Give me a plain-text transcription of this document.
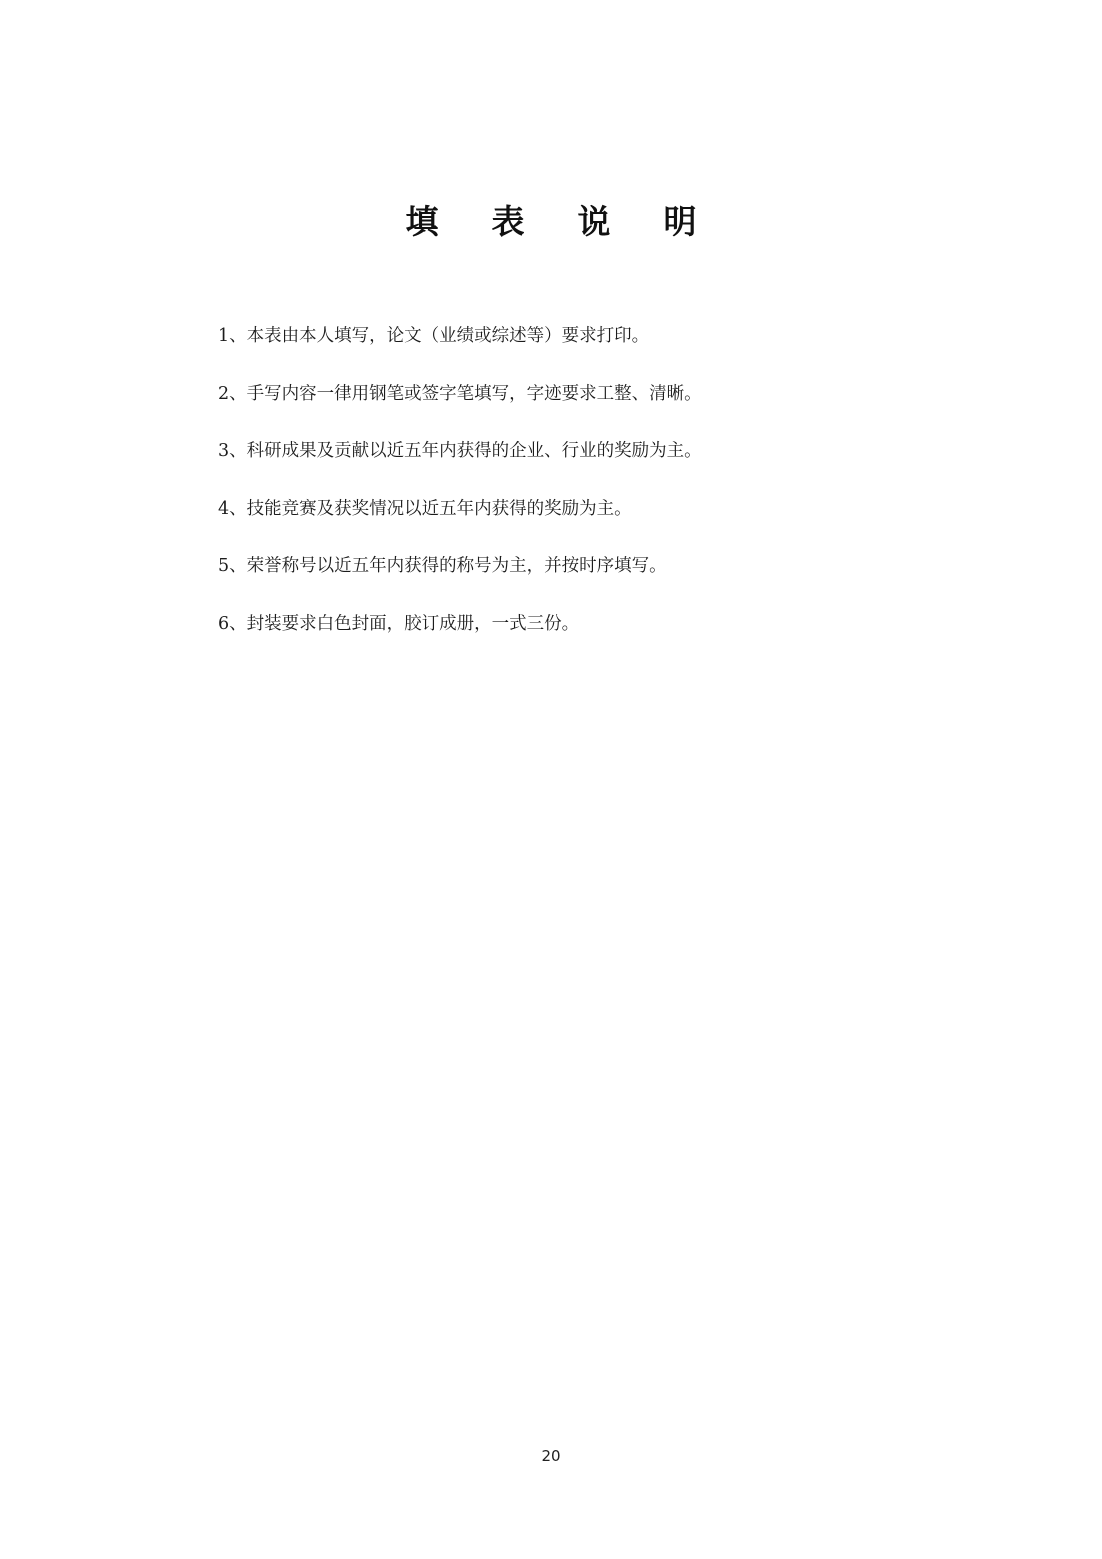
填 表 说 明
1、本表由本人填写，论文（业绩或综述等）要求打印。
2、手写内容一律用钢笔或签字笔填写，字迹要求工整、清晰。
3、科研成果及贡献以近五年内获得的企业、行业的奖励为主。
4、技能竞赛及获奖情况以近五年内获得的奖励为主。
5、荣誉称号以近五年内获得的称号为主，并按时序填写。
6、封装要求白色封面，胶订成册，一式三份。
20
